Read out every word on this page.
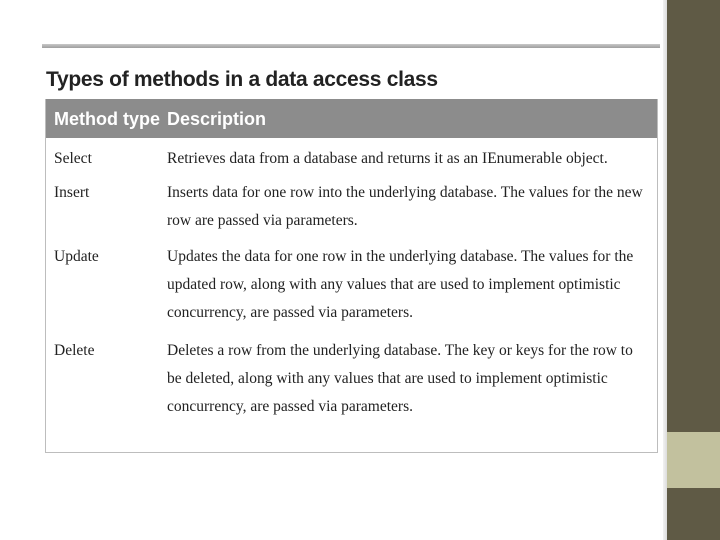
Types of methods in a data access class
Method type Description
Select	Retrieves data from a database and returns it as an IEnumerable object.
Insert	Inserts data for one row into the underlying database. The values for the new row are passed via parameters.
Update	Updates the data for one row in the underlying database. The values for the updated row, along with any values that are used to implement optimistic concurrency, are passed via parameters.
Delete	Deletes a row from the underlying database. The key or keys for the row to be deleted, along with any values that are used to implement optimistic concurrency, are passed via parameters.
